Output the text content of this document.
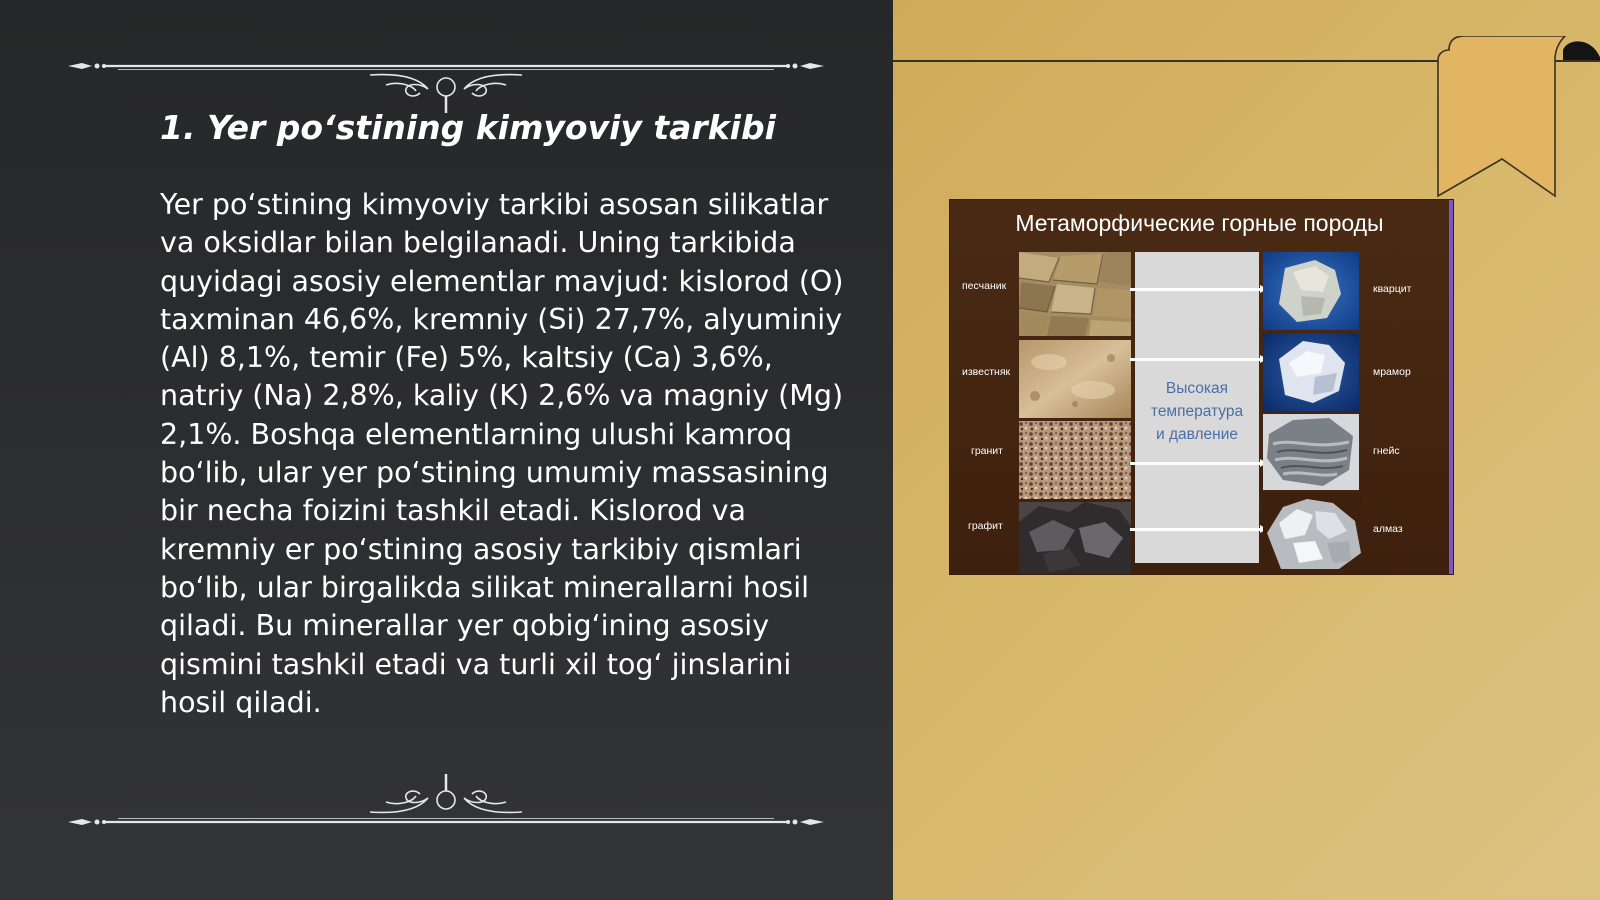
1. Yer po‘stining kimyoviy tarkibi

Yer po‘stining kimyoviy tarkibi asosan silikatlar va oksidlar bilan belgilanadi. Uning tarkibida quyidagi asosiy elementlar mavjud: kislorod (O) taxminan 46,6%, kremniy (Si) 27,7%, alyuminiy (Al) 8,1%, temir (Fe) 5%, kaltsiy (Ca) 3,6%, natriy (Na) 2,8%, kaliy (K) 2,6% va magniy (Mg) 2,1%. Boshqa elementlarning ulushi kamroq bo‘lib, ular yer po‘stining umumiy massasining bir necha foizini tashkil etadi. Kislorod va kremniy er po‘stining asosiy tarkibiy qismlari bo‘lib, ular birgalikda silikat minerallarni hosil qiladi. Bu minerallar yer qobig‘ining asosiy qismini tashkil etadi va turli xil tog‘ jinslarini hosil qiladi.

Метаморфические горные породы
песчаник
известняк
гранит
графит
Высокая
температура
и давление
кварцит
мрамор
гнейс
алмаз
